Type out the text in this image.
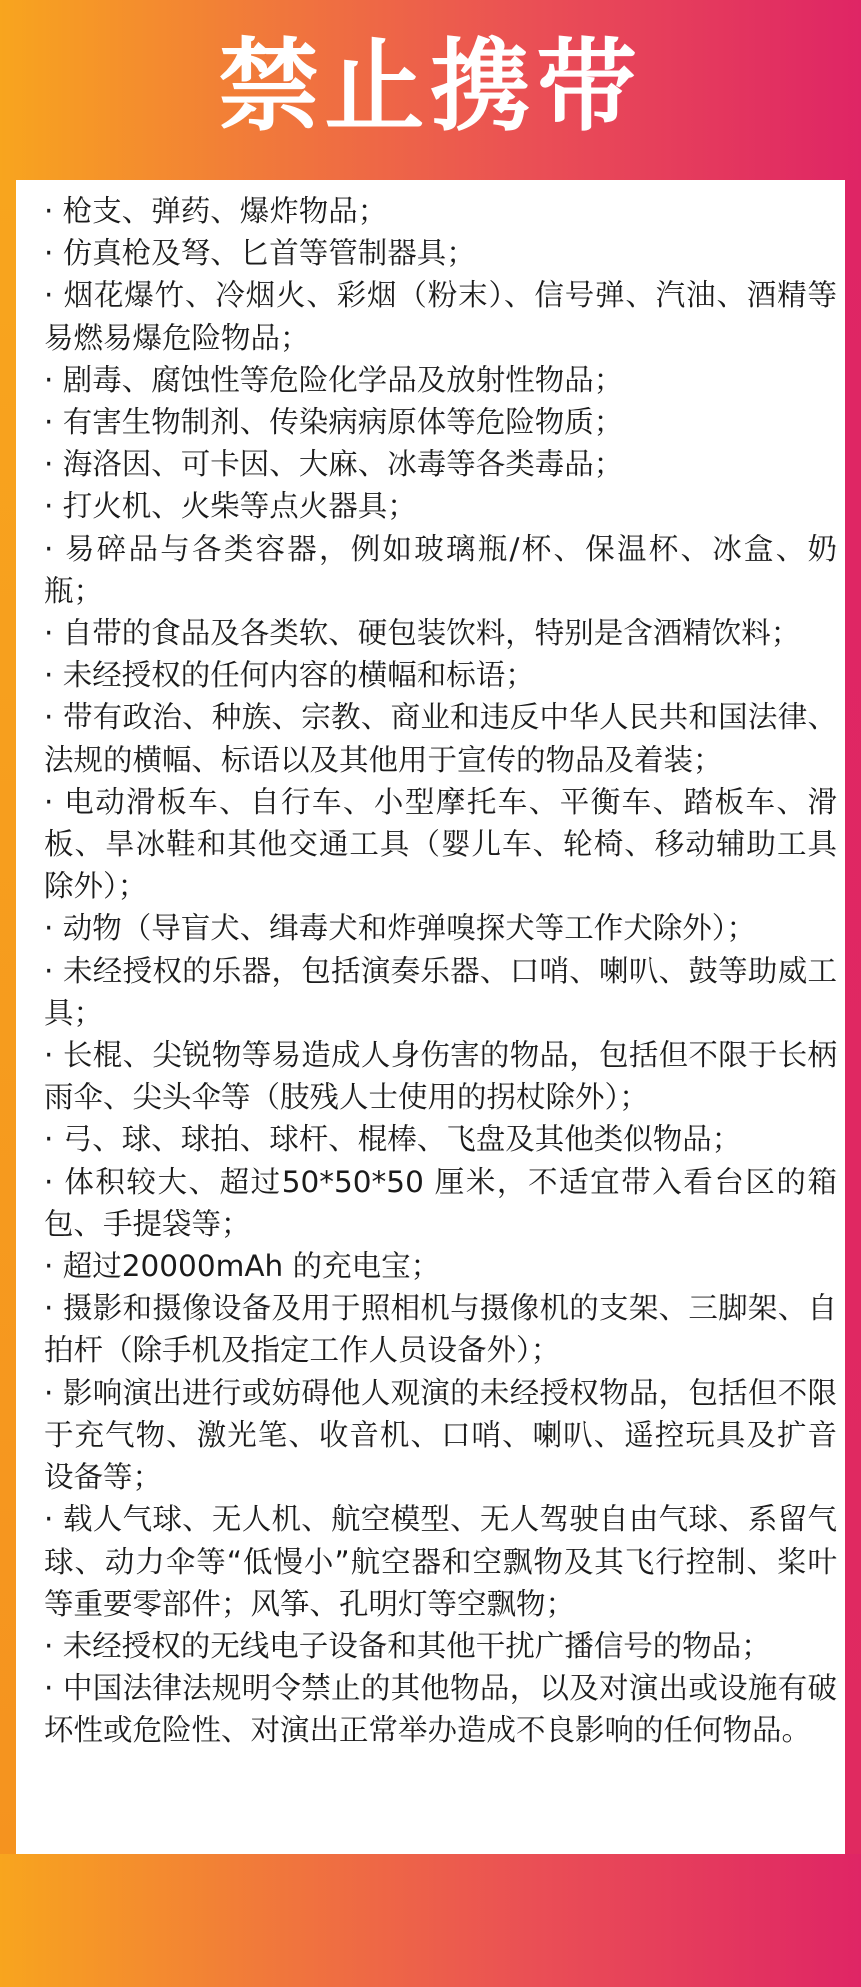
禁止携带
· 枪支、弹药、爆炸物品；
· 仿真枪及弩、匕首等管制器具；
· 烟花爆竹、冷烟火、彩烟（粉末）、信号弹、汽油、酒精等易燃易爆危险物品；
· 剧毒、腐蚀性等危险化学品及放射性物品；
· 有害生物制剂、传染病病原体等危险物质；
· 海洛因、可卡因、大麻、冰毒等各类毒品；
· 打火机、火柴等点火器具；
· 易碎品与各类容器，例如玻璃瓶/杯、保温杯、冰盒、奶瓶；
· 自带的食品及各类软、硬包装饮料，特别是含酒精饮料；
· 未经授权的任何内容的横幅和标语；
· 带有政治、种族、宗教、商业和违反中华人民共和国法律、法规的横幅、标语以及其他用于宣传的物品及着装；
· 电动滑板车、自行车、小型摩托车、平衡车、踏板车、滑板、旱冰鞋和其他交通工具（婴儿车、轮椅、移动辅助工具除外）；
· 动物（导盲犬、缉毒犬和炸弹嗅探犬等工作犬除外）；
· 未经授权的乐器，包括演奏乐器、口哨、喇叭、鼓等助威工具；
· 长棍、尖锐物等易造成人身伤害的物品，包括但不限于长柄雨伞、尖头伞等（肢残人士使用的拐杖除外）；
· 弓、球、球拍、球杆、棍棒、飞盘及其他类似物品；
· 体积较大、超过50*50*50 厘米，不适宜带入看台区的箱包、手提袋等；
· 超过20000mAh 的充电宝；
· 摄影和摄像设备及用于照相机与摄像机的支架、三脚架、自拍杆（除手机及指定工作人员设备外）；
· 影响演出进行或妨碍他人观演的未经授权物品，包括但不限于充气物、激光笔、收音机、口哨、喇叭、遥控玩具及扩音设备等；
· 载人气球、无人机、航空模型、无人驾驶自由气球、系留气球、动力伞等“低慢小”航空器和空飘物及其飞行控制、桨叶等重要零部件；风筝、孔明灯等空飘物；
· 未经授权的无线电子设备和其他干扰广播信号的物品；
· 中国法律法规明令禁止的其他物品，以及对演出或设施有破坏性或危险性、对演出正常举办造成不良影响的任何物品。
